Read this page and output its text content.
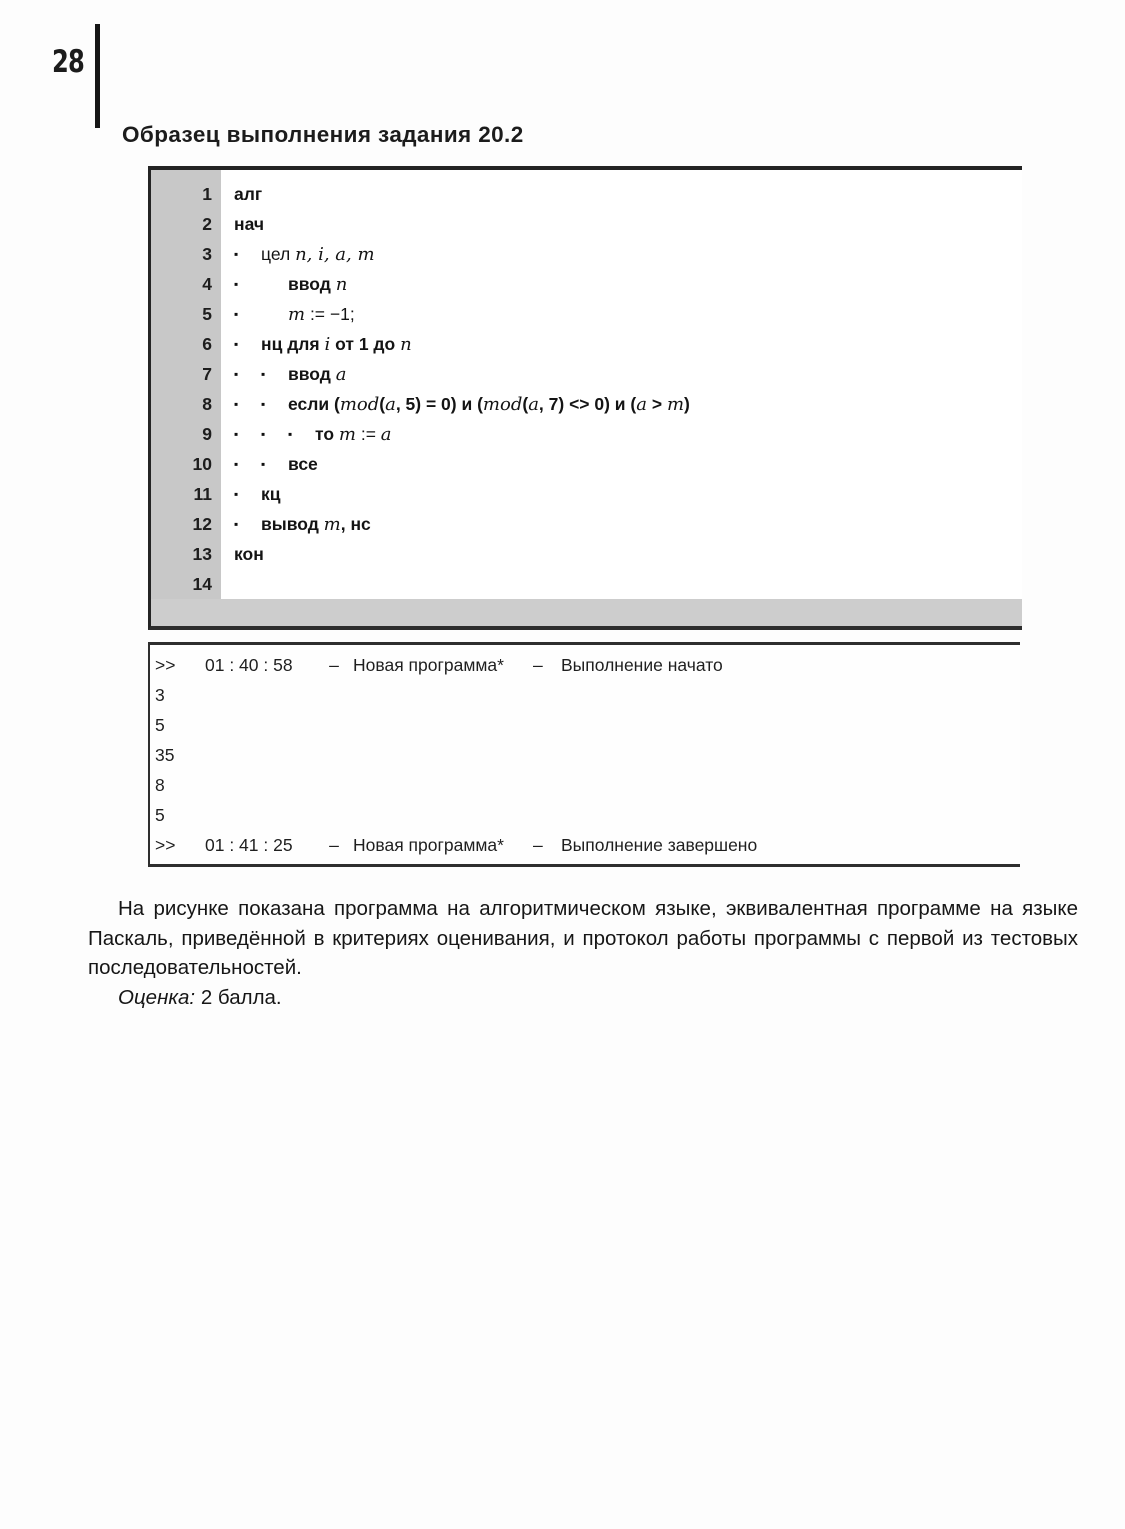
28
Образец выполнения задания 20.2
1	алг
2	нач
3	▪ цел n, i, a, m
4	▪	ввод n
5	▪	m := −1;
6	▪ нц для i от 1 до n
7	▪ ▪ ввод a
8	▪ ▪ если (mod(a, 5) = 0) и (mod(a, 7) <> 0) и (a > m)
9	▪ ▪ ▪ то m := a
10	▪ ▪ все
11	▪ кц
12	▪ вывод m, нс
13	кон
14
>> 01 : 40 : 58 – Новая программа* – Выполнение начато
3
5
35
8
5
>> 01 : 41 : 25 – Новая программа* – Выполнение завершено

На рисунке показана программа на алгоритмическом языке, эквивалентная программе на языке Паскаль, приведённой в критериях оценивания, и протокол работы программы с первой из тестовых последовательностей.

Оценка: 2 балла.
